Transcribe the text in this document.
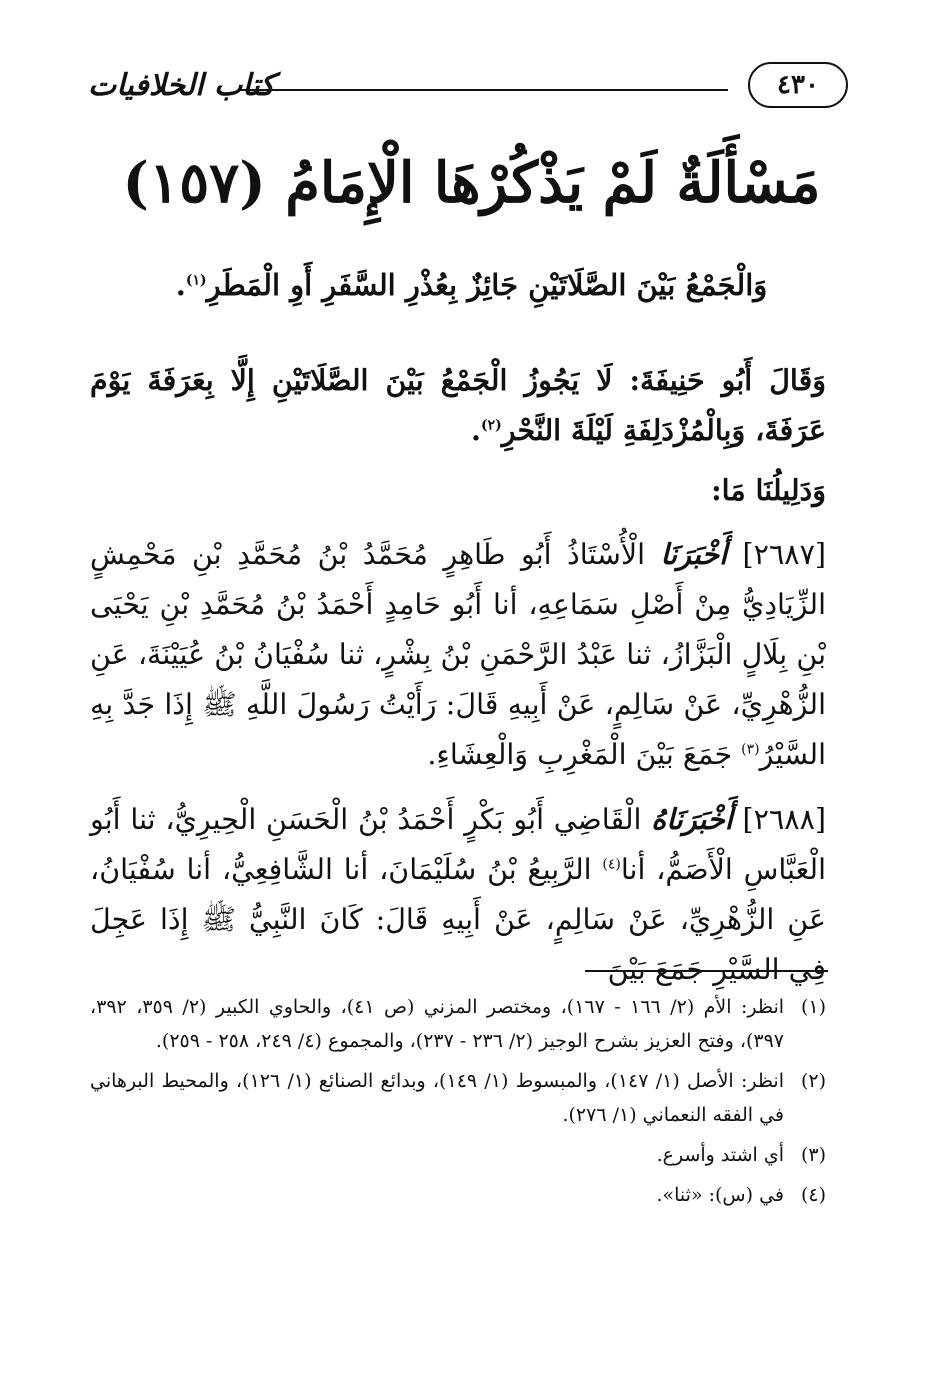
كتاب الخلافيات	٤٣٠
مَسْأَلَةٌ لَمْ يَذْكُرْهَا الْإِمَامُ (١٥٧)
وَالْجَمْعُ بَيْنَ الصَّلَاتَيْنِ جَائِزٌ بِعُذْرِ السَّفَرِ أَوِ الْمَطَرِ$^{(١)}$.

وَقَالَ أَبُو حَنِيفَةَ: لَا يَجُوزُ الْجَمْعُ بَيْنَ الصَّلَاتَيْنِ إِلَّا بِعَرَفَةَ يَوْمَ عَرَفَةَ، وَبِالْمُزْدَلِفَةِ لَيْلَةَ النَّحْرِ$^{(٢)}$.

وَدَلِيلُنَا مَا:

[٢٦٨٧] أَخْبَرَنَا الْأُسْتَاذُ أَبُو طَاهِرٍ مُحَمَّدُ بْنُ مُحَمَّدِ بْنِ مَحْمِشٍ الزِّيَادِيُّ مِنْ أَصْلِ سَمَاعِهِ، أنا أَبُو حَامِدٍ أَحْمَدُ بْنُ مُحَمَّدِ بْنِ يَحْيَى بْنِ بِلَالٍ الْبَزَّازُ، ثنا عَبْدُ الرَّحْمَنِ بْنُ بِشْرٍ، ثنا سُفْيَانُ بْنُ عُيَيْنَةَ، عَنِ الزُّهْرِيِّ، عَنْ سَالِمٍ، عَنْ أَبِيهِ قَالَ: رَأَيْتُ رَسُولَ اللَّهِ ﷺ إِذَا جَدَّ بِهِ السَّيْرُ$^{(٣)}$ جَمَعَ بَيْنَ الْمَغْرِبِ وَالْعِشَاءِ.

[٢٦٨٨] أَخْبَرَنَاهُ الْقَاضِي أَبُو بَكْرٍ أَحْمَدُ بْنُ الْحَسَنِ الْحِيرِيُّ، ثنا أَبُو الْعَبَّاسِ الْأَصَمُّ، أنا$^{(٤)}$ الرَّبِيعُ بْنُ سُلَيْمَانَ، أنا الشَّافِعِيُّ، أنا سُفْيَانُ، عَنِ الزُّهْرِيِّ، عَنْ سَالِمٍ، عَنْ أَبِيهِ قَالَ: كَانَ النَّبِيُّ ﷺ إِذَا عَجِلَ فِي السَّيْرِ جَمَعَ بَيْنَ

(١)
انظر: الأم (٢/ ١٦٦ - ١٦٧)، ومختصر المزني (ص ٤١)، والحاوي الكبير (٢/ ٣٥٩، ٣٩٢، ٣٩٧)، وفتح العزيز بشرح الوجيز (٢/ ٢٣٦ - ٢٣٧)، والمجموع (٤/ ٢٤٩، ٢٥٨ - ٢٥٩).
(٢)
انظر: الأصل (١/ ١٤٧)، والمبسوط (١/ ١٤٩)، وبدائع الصنائع (١/ ١٢٦)، والمحيط البرهاني في الفقه النعماني (١/ ٢٧٦).
(٣)
أي اشتد وأسرع.
(٤)
في (س): «ثنا».
